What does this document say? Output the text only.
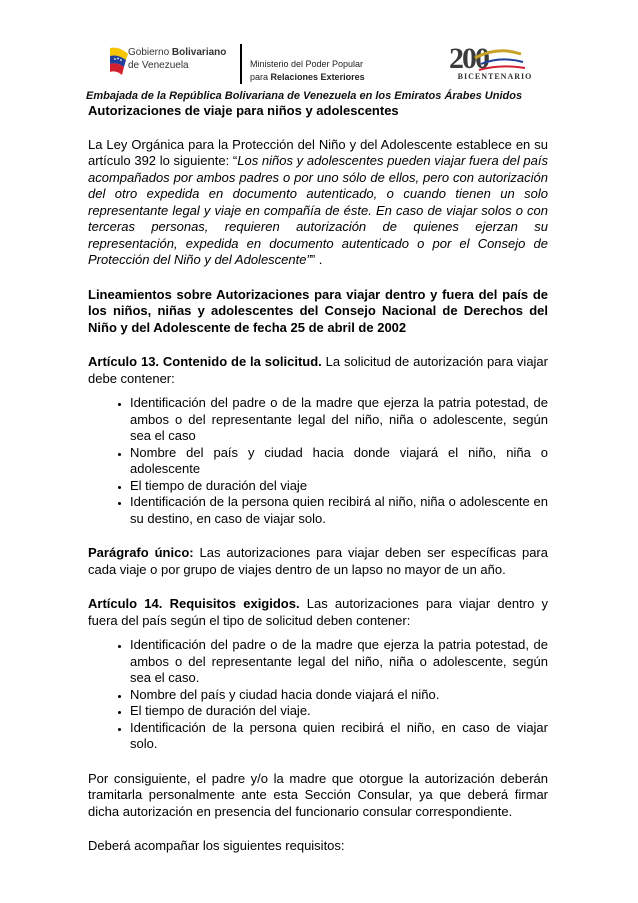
Gobierno Bolivariano
de Venezuela	Ministerio del Poder Popular
para Relaciones Exteriores
200
BICENTENARIO
Embajada de la República Bolivariana de Venezuela en los Emiratos Árabes Unidos

Autorizaciones de viaje para niños y adolescentes

La Ley Orgánica para la Protección del Niño y del Adolescente establece en su artículo 392 lo siguiente: “Los niños y adolescentes pueden viajar fuera del país acompañados por ambos padres o por uno sólo de ellos, pero con autorización del otro expedida en documento autenticado, o cuando tienen un solo representante legal y viaje en compañía de éste. En caso de viajar solos o con terceras personas, requieren autorización de quienes ejerzan su representación, expedida en documento autenticado o por el Consejo de Protección del Niño y del Adolescente”” .

Lineamientos sobre Autorizaciones para viajar dentro y fuera del país de los niños, niñas y adolescentes del Consejo Nacional de Derechos del Niño y del Adolescente de fecha 25 de abril de 2002

Artículo 13. Contenido de la solicitud. La solicitud de autorización para viajar debe contener:

• Identificación del padre o de la madre que ejerza la patria potestad, de ambos o del representante legal del niño, niña o adolescente, según sea el caso
• Nombre del país y ciudad hacia donde viajará el niño, niña o adolescente
• El tiempo de duración del viaje
• Identificación de la persona quien recibirá al niño, niña o adolescente en su destino, en caso de viajar solo.

Parágrafo único: Las autorizaciones para viajar deben ser específicas para cada viaje o por grupo de viajes dentro de un lapso no mayor de un año.

Artículo 14. Requisitos exigidos. Las autorizaciones para viajar dentro y fuera del país según el tipo de solicitud deben contener:

• Identificación del padre o de la madre que ejerza la patria potestad, de ambos o del representante legal del niño, niña o adolescente, según sea el caso.
• Nombre del país y ciudad hacia donde viajará el niño.
• El tiempo de duración del viaje.
• Identificación de la persona quien recibirá el niño, en caso de viajar solo.

Por consiguiente, el padre y/o la madre que otorgue la autorización deberán tramitarla personalmente ante esta Sección Consular, ya que deberá firmar dicha autorización en presencia del funcionario consular correspondiente.

Deberá acompañar los siguientes requisitos:
